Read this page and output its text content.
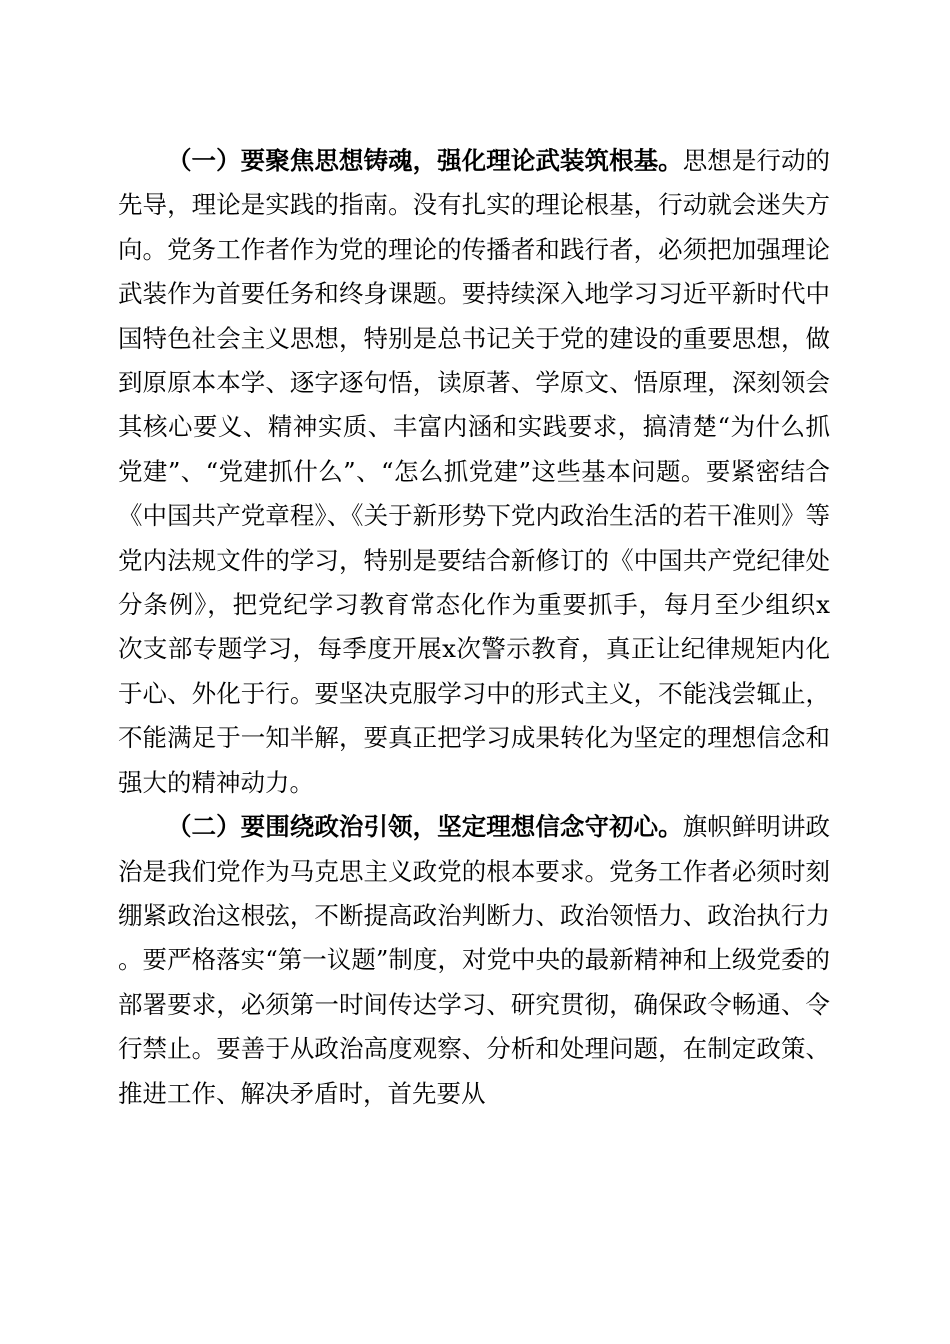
（一）要聚焦思想铸魂，强化理论武装筑根基。思想是行动的先导，理论是实践的指南。没有扎实的理论根基，行动就会迷失方向。党务工作者作为党的理论的传播者和践行者，必须把加强理论武装作为首要任务和终身课题。要持续深入地学习习近平新时代中国特色社会主义思想，特别是总书记关于党的建设的重要思想，做到原原本本学、逐字逐句悟，读原著、学原文、悟原理，深刻领会其核心要义、精神实质、丰富内涵和实践要求，搞清楚“为什么抓党建”、“党建抓什么”、“怎么抓党建”这些基本问题。要紧密结合《中国共产党章程》、《关于新形势下党内政治生活的若干准则》等党内法规文件的学习，特别是要结合新修订的《中国共产党纪律处分条例》，把党纪学习教育常态化作为重要抓手，每月至少组织x次支部专题学习，每季度开展x次警示教育，真正让纪律规矩内化于心、外化于行。要坚决克服学习中的形式主义，不能浅尝辄止，不能满足于一知半解，要真正把学习成果转化为坚定的理想信念和强大的精神动力。

（二）要围绕政治引领，坚定理想信念守初心。旗帜鲜明讲政治是我们党作为马克思主义政党的根本要求。党务工作者必须时刻绷紧政治这根弦，不断提高政治判断力、政治领悟力、政治执行力。要严格落实“第一议题”制度，对党中央的最新精神和上级党委的部署要求，必须第一时间传达学习、研究贯彻，确保政令畅通、令行禁止。要善于从政治高度观察、分析和处理问题，在制定政策、推进工作、解决矛盾时，首先要从
